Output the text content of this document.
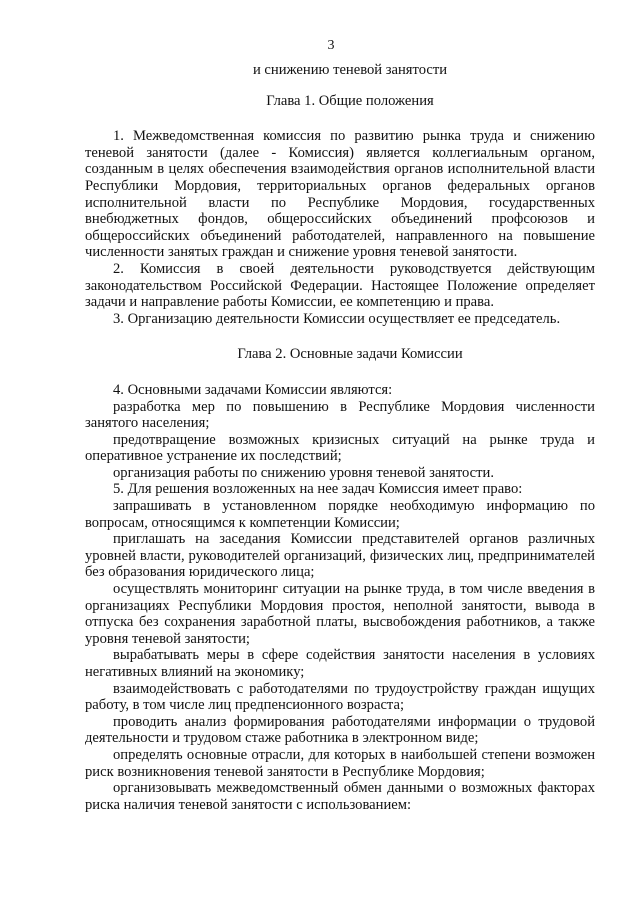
3
и снижению теневой занятости
Глава 1. Общие положения

1. Межведомственная комиссия по развитию рынка труда и снижению теневой занятости (далее - Комиссия) является коллегиальным органом, созданным в целях обеспечения взаимодействия органов исполнительной власти Республики Мордовия, территориальных органов федеральных органов исполнительной власти по Республике Мордовия, государственных внебюджетных фондов, общероссийских объединений профсоюзов и общероссийских объединений работодателей, направленного на повышение численности занятых граждан и снижение уровня теневой занятости.

2. Комиссия в своей деятельности руководствуется действующим законодательством Российской Федерации. Настоящее Положение определяет задачи и направление работы Комиссии, ее компетенцию и права.

3. Организацию деятельности Комиссии осуществляет ее председатель.

Глава 2. Основные задачи Комиссии

4. Основными задачами Комиссии являются:

разработка мер по повышению в Республике Мордовия численности занятого населения;

предотвращение возможных кризисных ситуаций на рынке труда и оперативное устранение их последствий;

организация работы по снижению уровня теневой занятости.

5. Для решения возложенных на нее задач Комиссия имеет право:

запрашивать в установленном порядке необходимую информацию по вопросам, относящимся к компетенции Комиссии;

приглашать на заседания Комиссии представителей органов различных уровней власти, руководителей организаций, физических лиц, предпринимателей без образования юридического лица;

осуществлять мониторинг ситуации на рынке труда, в том числе введения в организациях Республики Мордовия простоя, неполной занятости, вывода в отпуска без сохранения заработной платы, высвобождения работников, а также уровня теневой занятости;

вырабатывать меры в сфере содействия занятости населения в условиях негативных влияний на экономику;

взаимодействовать с работодателями по трудоустройству граждан ищущих работу, в том числе лиц предпенсионного возраста;

проводить анализ формирования работодателями информации о трудовой деятельности и трудовом стаже работника в электронном виде;

определять основные отрасли, для которых в наибольшей степени возможен риск возникновения теневой занятости в Республике Мордовия;

организовывать межведомственный обмен данными о возможных факторах риска наличия теневой занятости с использованием:
